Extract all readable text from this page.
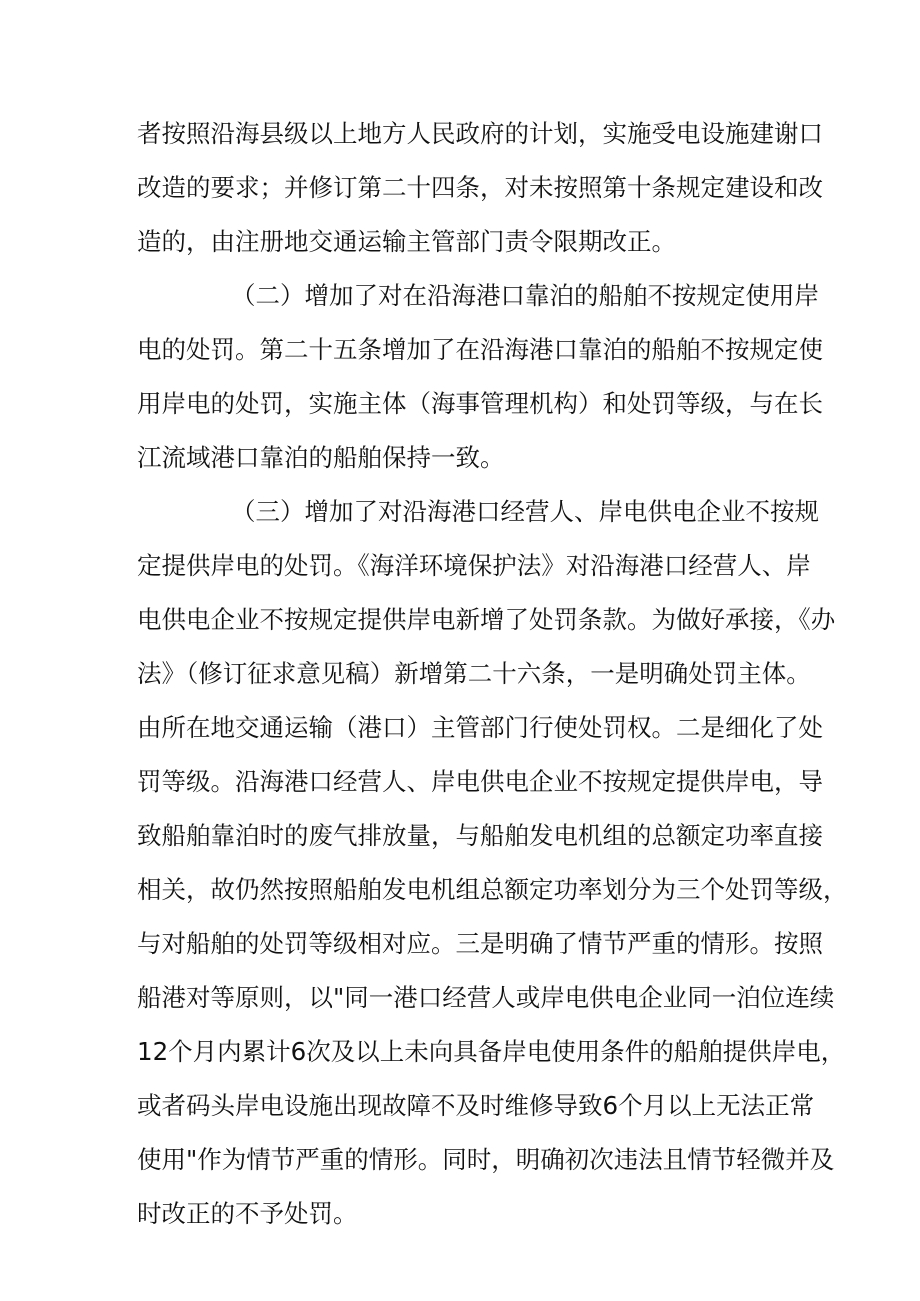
者按照沿海县级以上地方人民政府的计划，实施受电设施建谢口
改造的要求；并修订第二十四条，对未按照第十条规定建设和改
造的，由注册地交通运输主管部门责令限期改正。
（二）增加了对在沿海港口靠泊的船舶不按规定使用岸
电的处罚。第二十五条增加了在沿海港口靠泊的船舶不按规定使
用岸电的处罚，实施主体（海事管理机构）和处罚等级，与在长
江流域港口靠泊的船舶保持一致。
（三）增加了对沿海港口经营人、岸电供电企业不按规
定提供岸电的处罚。《海洋环境保护法》对沿海港口经营人、岸
电供电企业不按规定提供岸电新增了处罚条款。为做好承接，《办
法》（修订征求意见稿）新增第二十六条，一是明确处罚主体。
由所在地交通运输（港口）主管部门行使处罚权。二是细化了处
罚等级。沿海港口经营人、岸电供电企业不按规定提供岸电，导
致船舶靠泊时的废气排放量，与船舶发电机组的总额定功率直接
相关，故仍然按照船舶发电机组总额定功率划分为三个处罚等级，
与对船舶的处罚等级相对应。三是明确了情节严重的情形。按照
船港对等原则，以"同一港口经营人或岸电供电企业同一泊位连续
12个月内累计6次及以上未向具备岸电使用条件的船舶提供岸电，
或者码头岸电设施出现故障不及时维修导致6个月以上无法正常
使用"作为情节严重的情形。同时，明确初次违法且情节轻微并及
时改正的不予处罚。
